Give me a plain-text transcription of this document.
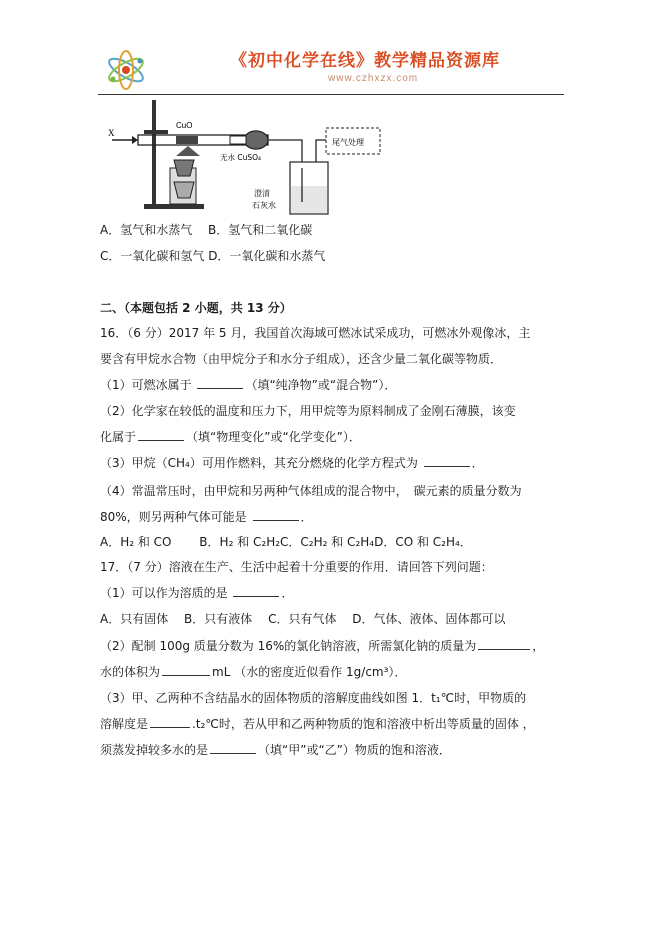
《初中化学在线》教学精品资源库
www.czhxzx.com
X
CuO
无水 CuSO₄
尾气处理
澄清
石灰水
A．氢气和水蒸气　 B．氢气和二氧化碳
C．一氧化碳和氢气 D．一氧化碳和水蒸气
二、（本题包括 2 小题，共 13 分）
16．（6 分）2017 年 5 月，我国首次海域可燃冰试采成功，可燃冰外观像冰，主
要含有甲烷水合物（由甲烷分子和水分子组成），还含少量二氧化碳等物质．
（1）可燃冰属于	（填“纯净物”或“混合物”）．
（2）化学家在较低的温度和压力下，用甲烷等为原料制成了金刚石薄膜，该变
化属于	（填“物理变化”或“化学变化”）．
（3）甲烷（CH₄）可用作燃料，其充分燃烧的化学方程式为	．
（4）常温常压时，由甲烷和另两种气体组成的混合物中，　碳元素的质量分数为
80%，则另两种气体可能是	．
A．H₂ 和 CO　　 B．H₂ 和 C₂H₂C．C₂H₂ 和 C₂H₄D．CO 和 C₂H₄．
17．（7 分）溶液在生产、生活中起着十分重要的作用．请回答下列问题：
（1）可以作为溶质的是	．
A．只有固体　 B．只有液体　 C．只有气体　 D．气体、液体、固体都可以
（2）配制 100g 质量分数为 16%的氯化钠溶液，所需氯化钠的质量为	，
水的体积为	mL （水的密度近似看作 1g/cm³）．
（3）甲、乙两种不含结晶水的固体物质的溶解度曲线如图 1．t₁℃时，甲物质的
溶解度是	.t₂℃时，若从甲和乙两种物质的饱和溶液中析出等质量的固体 ，
须蒸发掉较多水的是	（填“甲”或“乙”）物质的饱和溶液．
